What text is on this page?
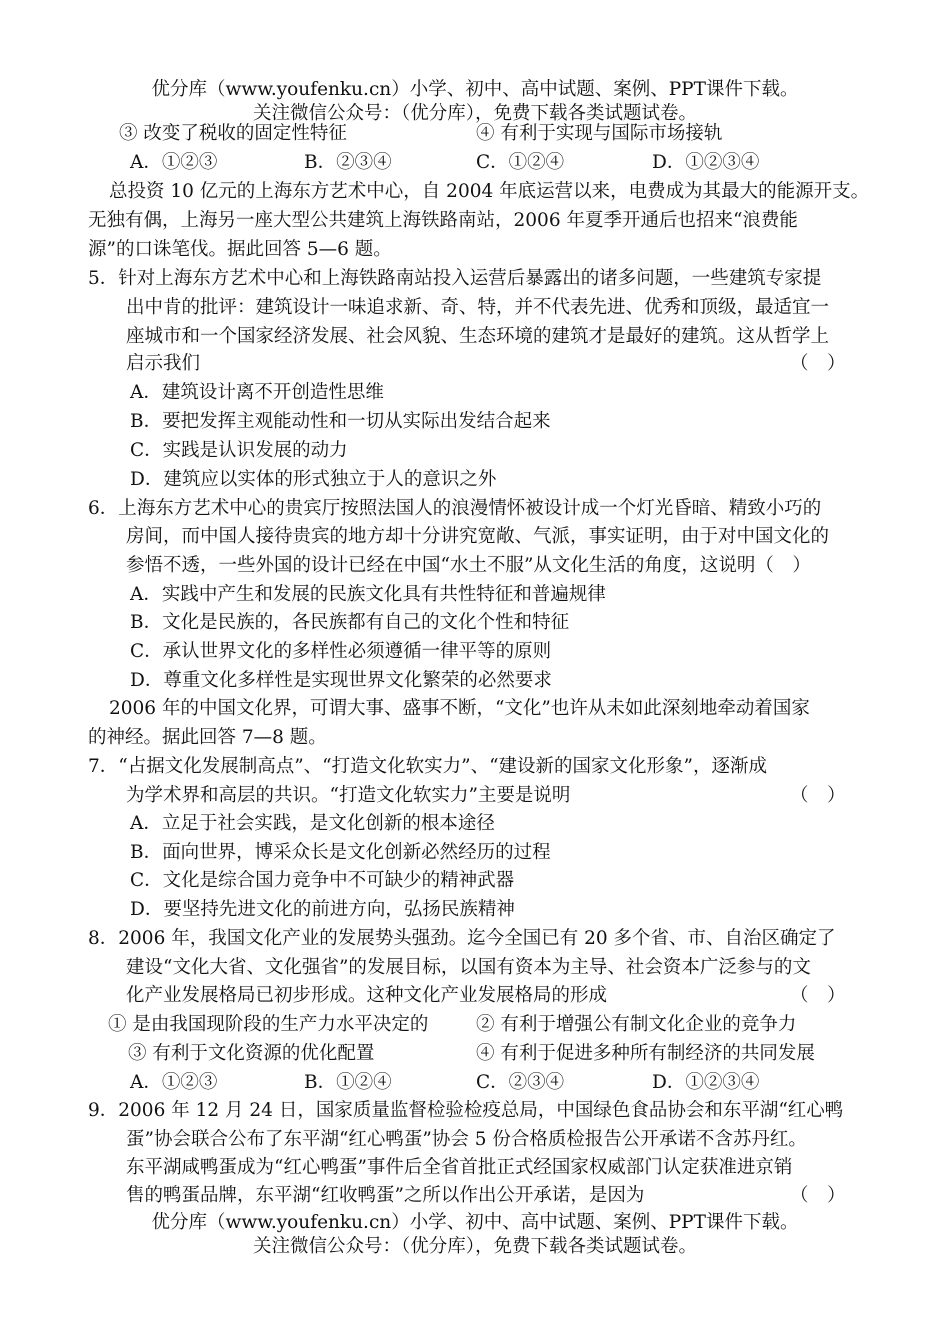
优分库（www.youfenku.cn）小学、初中、高中试题、案例、PPT课件下载。
关注微信公众号：（优分库），免费下载各类试题试卷。
③ 改变了税收的固定性特征	④ 有利于实现与国际市场接轨
A．①②③	B．②③④	C．①②④	D．①②③④
总投资 10 亿元的上海东方艺术中心，自 2004 年底运营以来，电费成为其最大的能源开支。
无独有偶，上海另一座大型公共建筑上海铁路南站，2006 年夏季开通后也招来“浪费能
源”的口诛笔伐。据此回答 5—6 题。
5．针对上海东方艺术中心和上海铁路南站投入运营后暴露出的诸多问题，一些建筑专家提
出中肯的批评：建筑设计一味追求新、奇、特，并不代表先进、优秀和顶级，最适宜一
座城市和一个国家经济发展、社会风貌、生态环境的建筑才是最好的建筑。这从哲学上
启示我们	（　）
A．建筑设计离不开创造性思维
B．要把发挥主观能动性和一切从实际出发结合起来
C．实践是认识发展的动力
D．建筑应以实体的形式独立于人的意识之外
6．上海东方艺术中心的贵宾厅按照法国人的浪漫情怀被设计成一个灯光昏暗、精致小巧的
房间，而中国人接待贵宾的地方却十分讲究宽敞、气派，事实证明，由于对中国文化的
参悟不透，一些外国的设计已经在中国“水土不服”从文化生活的角度，这说明（　）
A．实践中产生和发展的民族文化具有共性特征和普遍规律
B．文化是民族的，各民族都有自己的文化个性和特征
C．承认世界文化的多样性必须遵循一律平等的原则
D．尊重文化多样性是实现世界文化繁荣的必然要求
2006 年的中国文化界，可谓大事、盛事不断，“文化”也许从未如此深刻地牵动着国家
的神经。据此回答 7—8 题。
7．“占据文化发展制高点”、“打造文化软实力”、“建设新的国家文化形象”，逐渐成
为学术界和高层的共识。“打造文化软实力”主要是说明	（　）
A．立足于社会实践，是文化创新的根本途径
B．面向世界，博采众长是文化创新必然经历的过程
C．文化是综合国力竞争中不可缺少的精神武器
D．要坚持先进文化的前进方向，弘扬民族精神
8．2006 年，我国文化产业的发展势头强劲。迄今全国已有 20 多个省、市、自治区确定了
建设“文化大省、文化强省”的发展目标，以国有资本为主导、社会资本广泛参与的文
化产业发展格局已初步形成。这种文化产业发展格局的形成	（　）
① 是由我国现阶段的生产力水平决定的	② 有利于增强公有制文化企业的竞争力
③ 有利于文化资源的优化配置	④ 有利于促进多种所有制经济的共同发展
A．①②③	B．①②④	C．②③④	D．①②③④
9．2006 年 12 月 24 日，国家质量监督检验检疫总局，中国绿色食品协会和东平湖“红心鸭
蛋”协会联合公布了东平湖“红心鸭蛋”协会 5 份合格质检报告公开承诺不含苏丹红。
东平湖咸鸭蛋成为“红心鸭蛋”事件后全省首批正式经国家权威部门认定获准进京销
售的鸭蛋品牌，东平湖“红收鸭蛋”之所以作出公开承诺，是因为	（　）
优分库（www.youfenku.cn）小学、初中、高中试题、案例、PPT课件下载。
关注微信公众号：（优分库），免费下载各类试题试卷。
